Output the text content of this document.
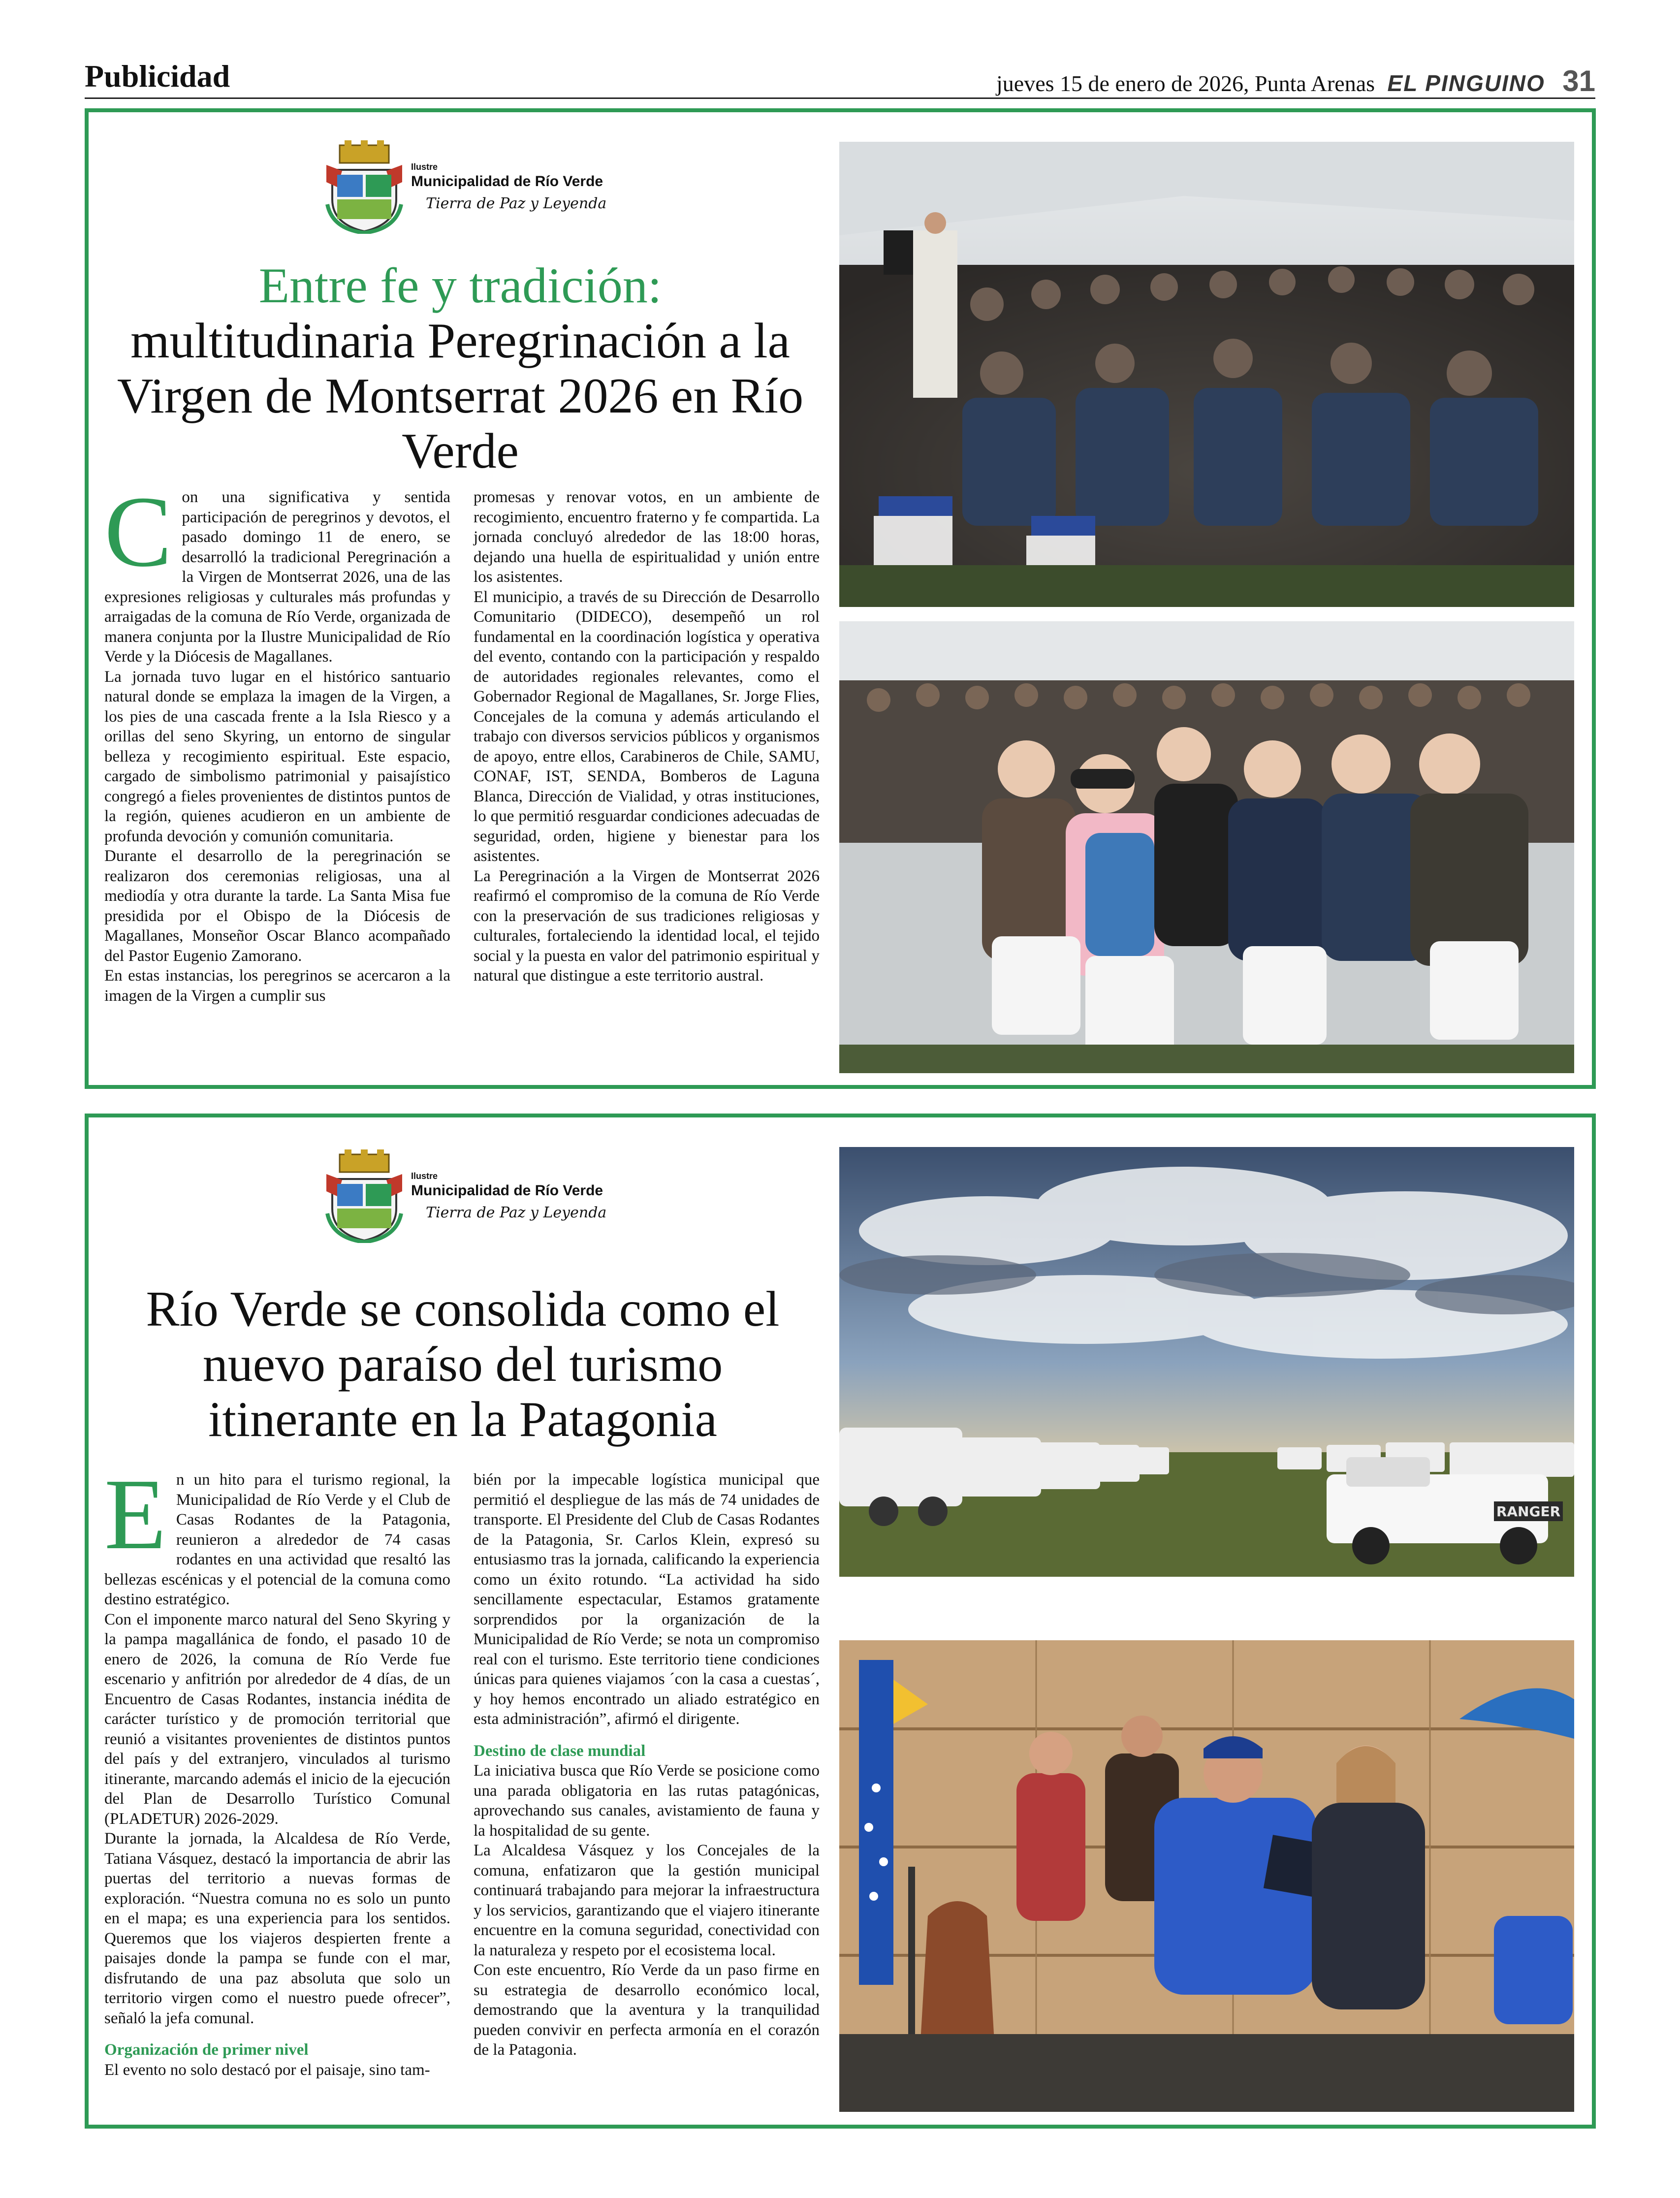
Publicidad	jueves 15 de enero de 2026, Punta Arenas EL PINGUINO 31
Ilustre
Municipalidad de Río Verde
Tierra de Paz y Leyenda
Entre fe y tradición:
multitudinaria Peregrinación a la Virgen de Montserrat 2026 en Río Verde
C on una significativa y sentida participación de peregrinos y devotos, el pasado domingo 11 de enero, se desarrolló la tradicional Peregrinación a la Virgen de Montserrat 2026, una de las expresiones religiosas y culturales más profundas y arraigadas de la comuna de Río Verde, organizada de manera conjunta por la Ilustre Municipalidad de Río Verde y la Diócesis de Magallanes.

La jornada tuvo lugar en el histórico santuario natural donde se emplaza la imagen de la Virgen, a los pies de una cascada frente a la Isla Riesco y a orillas del seno Skyring, un entorno de singular belleza y recogimiento espiritual. Este espacio, cargado de simbolismo patrimonial y paisajístico congregó a fieles provenientes de distintos puntos de la región, quienes acudieron en un ambiente de profunda devoción y comunión comunitaria.

Durante el desarrollo de la peregrinación se realizaron dos ceremonias religiosas, una al mediodía y otra durante la tarde. La Santa Misa fue presidida por el Obispo de la Diócesis de Magallanes, Monseñor Oscar Blanco acompañado del Pastor Eugenio Zamorano.

En estas instancias, los peregrinos se acercaron a la imagen de la Virgen a cumplir sus

promesas y renovar votos, en un ambiente de recogimiento, encuentro fraterno y fe compartida. La jornada concluyó alrededor de las 18:00 horas, dejando una huella de espiritualidad y unión entre los asistentes.

El municipio, a través de su Dirección de Desarrollo Comunitario (DIDECO), desempeñó un rol fundamental en la coordinación logística y operativa del evento, contando con la participación y respaldo de autoridades regionales relevantes, como el Gobernador Regional de Magallanes, Sr. Jorge Flies, Concejales de la comuna y además articulando el trabajo con diversos servicios públicos y organismos de apoyo, entre ellos, Carabineros de Chile, SAMU, CONAF, IST, SENDA, Bomberos de Laguna Blanca, Dirección de Vialidad, y otras instituciones, lo que permitió resguardar condiciones adecuadas de seguridad, orden, higiene y bienestar para los asistentes.

La Peregrinación a la Virgen de Montserrat 2026 reafirmó el compromiso de la comuna de Río Verde con la preservación de sus tradiciones religiosas y culturales, fortaleciendo la identidad local, el tejido social y la puesta en valor del patrimonio espiritual y natural que distingue a este territorio austral.

Ilustre
Municipalidad de Río Verde
Tierra de Paz y Leyenda
Río Verde se consolida como el nuevo paraíso del turismo itinerante en la Patagonia
E n un hito para el turismo regional, la Municipalidad de Río Verde y el Club de Casas Rodantes de la Patagonia, reunieron a alrededor de 74 casas rodantes en una actividad que resaltó las bellezas escénicas y el potencial de la comuna como destino estratégico.

Con el imponente marco natural del Seno Skyring y la pampa magallánica de fondo, el pasado 10 de enero de 2026, la comuna de Río Verde fue escenario y anfitrión por alrededor de 4 días, de un Encuentro de Casas Rodantes, instancia inédita de carácter turístico y de promoción territorial que reunió a visitantes provenientes de distintos puntos del país y del extranjero, vinculados al turismo itinerante, marcando además el inicio de la ejecución del Plan de Desarrollo Turístico Comunal (PLADETUR) 2026-2029.

Durante la jornada, la Alcaldesa de Río Verde, Tatiana Vásquez, destacó la importancia de abrir las puertas del territorio a nuevas formas de exploración. “Nuestra comuna no es solo un punto en el mapa; es una experiencia para los sentidos. Queremos que los viajeros despierten frente a paisajes donde la pampa se funde con el mar, disfrutando de una paz absoluta que solo un territorio virgen como el nuestro puede ofrecer”, señaló la jefa comunal.

Organización de primer nivel

El evento no solo destacó por el paisaje, sino tam-

bién por la impecable logística municipal que permitió el despliegue de las más de 74 unidades de transporte. El Presidente del Club de Casas Rodantes de la Patagonia, Sr. Carlos Klein, expresó su entusiasmo tras la jornada, calificando la experiencia como un éxito rotundo. “La actividad ha sido sencillamente espectacular, Estamos gratamente sorprendidos por la organización de la Municipalidad de Río Verde; se nota un compromiso real con el turismo. Este territorio tiene condiciones únicas para quienes viajamos ´con la casa a cuestas´, y hoy hemos encontrado un aliado estratégico en esta administración”, afirmó el dirigente.

Destino de clase mundial

La iniciativa busca que Río Verde se posicione como una parada obligatoria en las rutas patagónicas, aprovechando sus canales, avistamiento de fauna y la hospitalidad de su gente.

La Alcaldesa Vásquez y los Concejales de la comuna, enfatizaron que la gestión municipal continuará trabajando para mejorar la infraestructura y los servicios, garantizando que el viajero itinerante encuentre en la comuna seguridad, conectividad con la naturaleza y respeto por el ecosistema local.

Con este encuentro, Río Verde da un paso firme en su estrategia de desarrollo económico local, demostrando que la aventura y la tranquilidad pueden convivir en perfecta armonía en el corazón de la Patagonia.

RANGER
